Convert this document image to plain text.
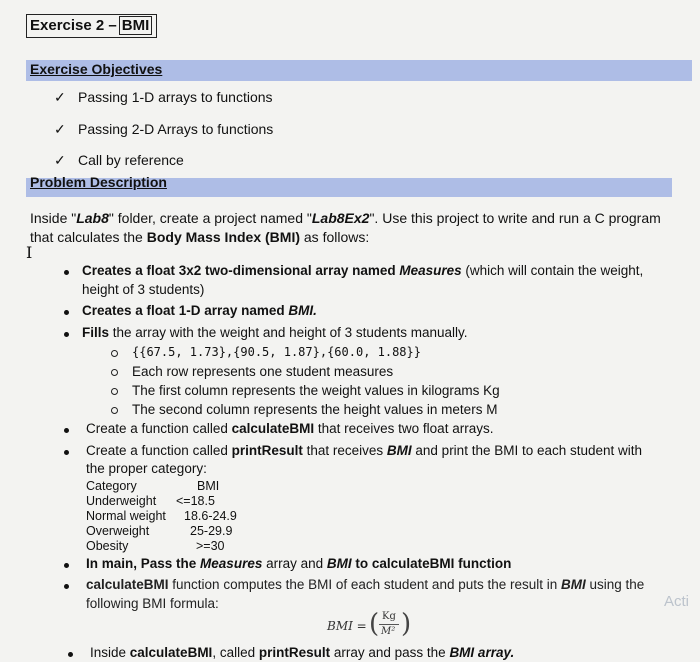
Exercise 2 – BMI
Exercise Objectives
✓ Passing 1-D arrays to functions
✓ Passing 2-D Arrays to functions
✓ Call by reference
Problem Description
Inside "Lab8" folder, create a project named "Lab8Ex2". Use this project to write and run a C program
that calculates the Body Mass Index (BMI) as follows:
I
Creates a float 3x2 two-dimensional array named Measures (which will contain the weight,
height of 3 students)
Creates a float 1-D array named BMI.
Fills the array with the weight and height of 3 students manually.
{{67.5, 1.73},{90.5, 1.87},{60.0, 1.88}}
Each row represents one student measures
The first column represents the weight values in kilograms Kg
The second column represents the height values in meters M
Create a function called calculateBMI that receives two float arrays.
Create a function called printResult that receives BMI and print the BMI to each student with
the proper category:
Category	BMI
Underweight <=18.5
Normal weight 18.6-24.9
Overweight	25-29.9
Obesity	>=30
In main, Pass the Measures array and BMI to calculateBMI function
calculateBMI function computes the BMI of each student and puts the result in BMI using the
following BMI formula:
BMI = ( Kg
M² )
Acti
Inside calculateBMI, called printResult array and pass the BMI array.
